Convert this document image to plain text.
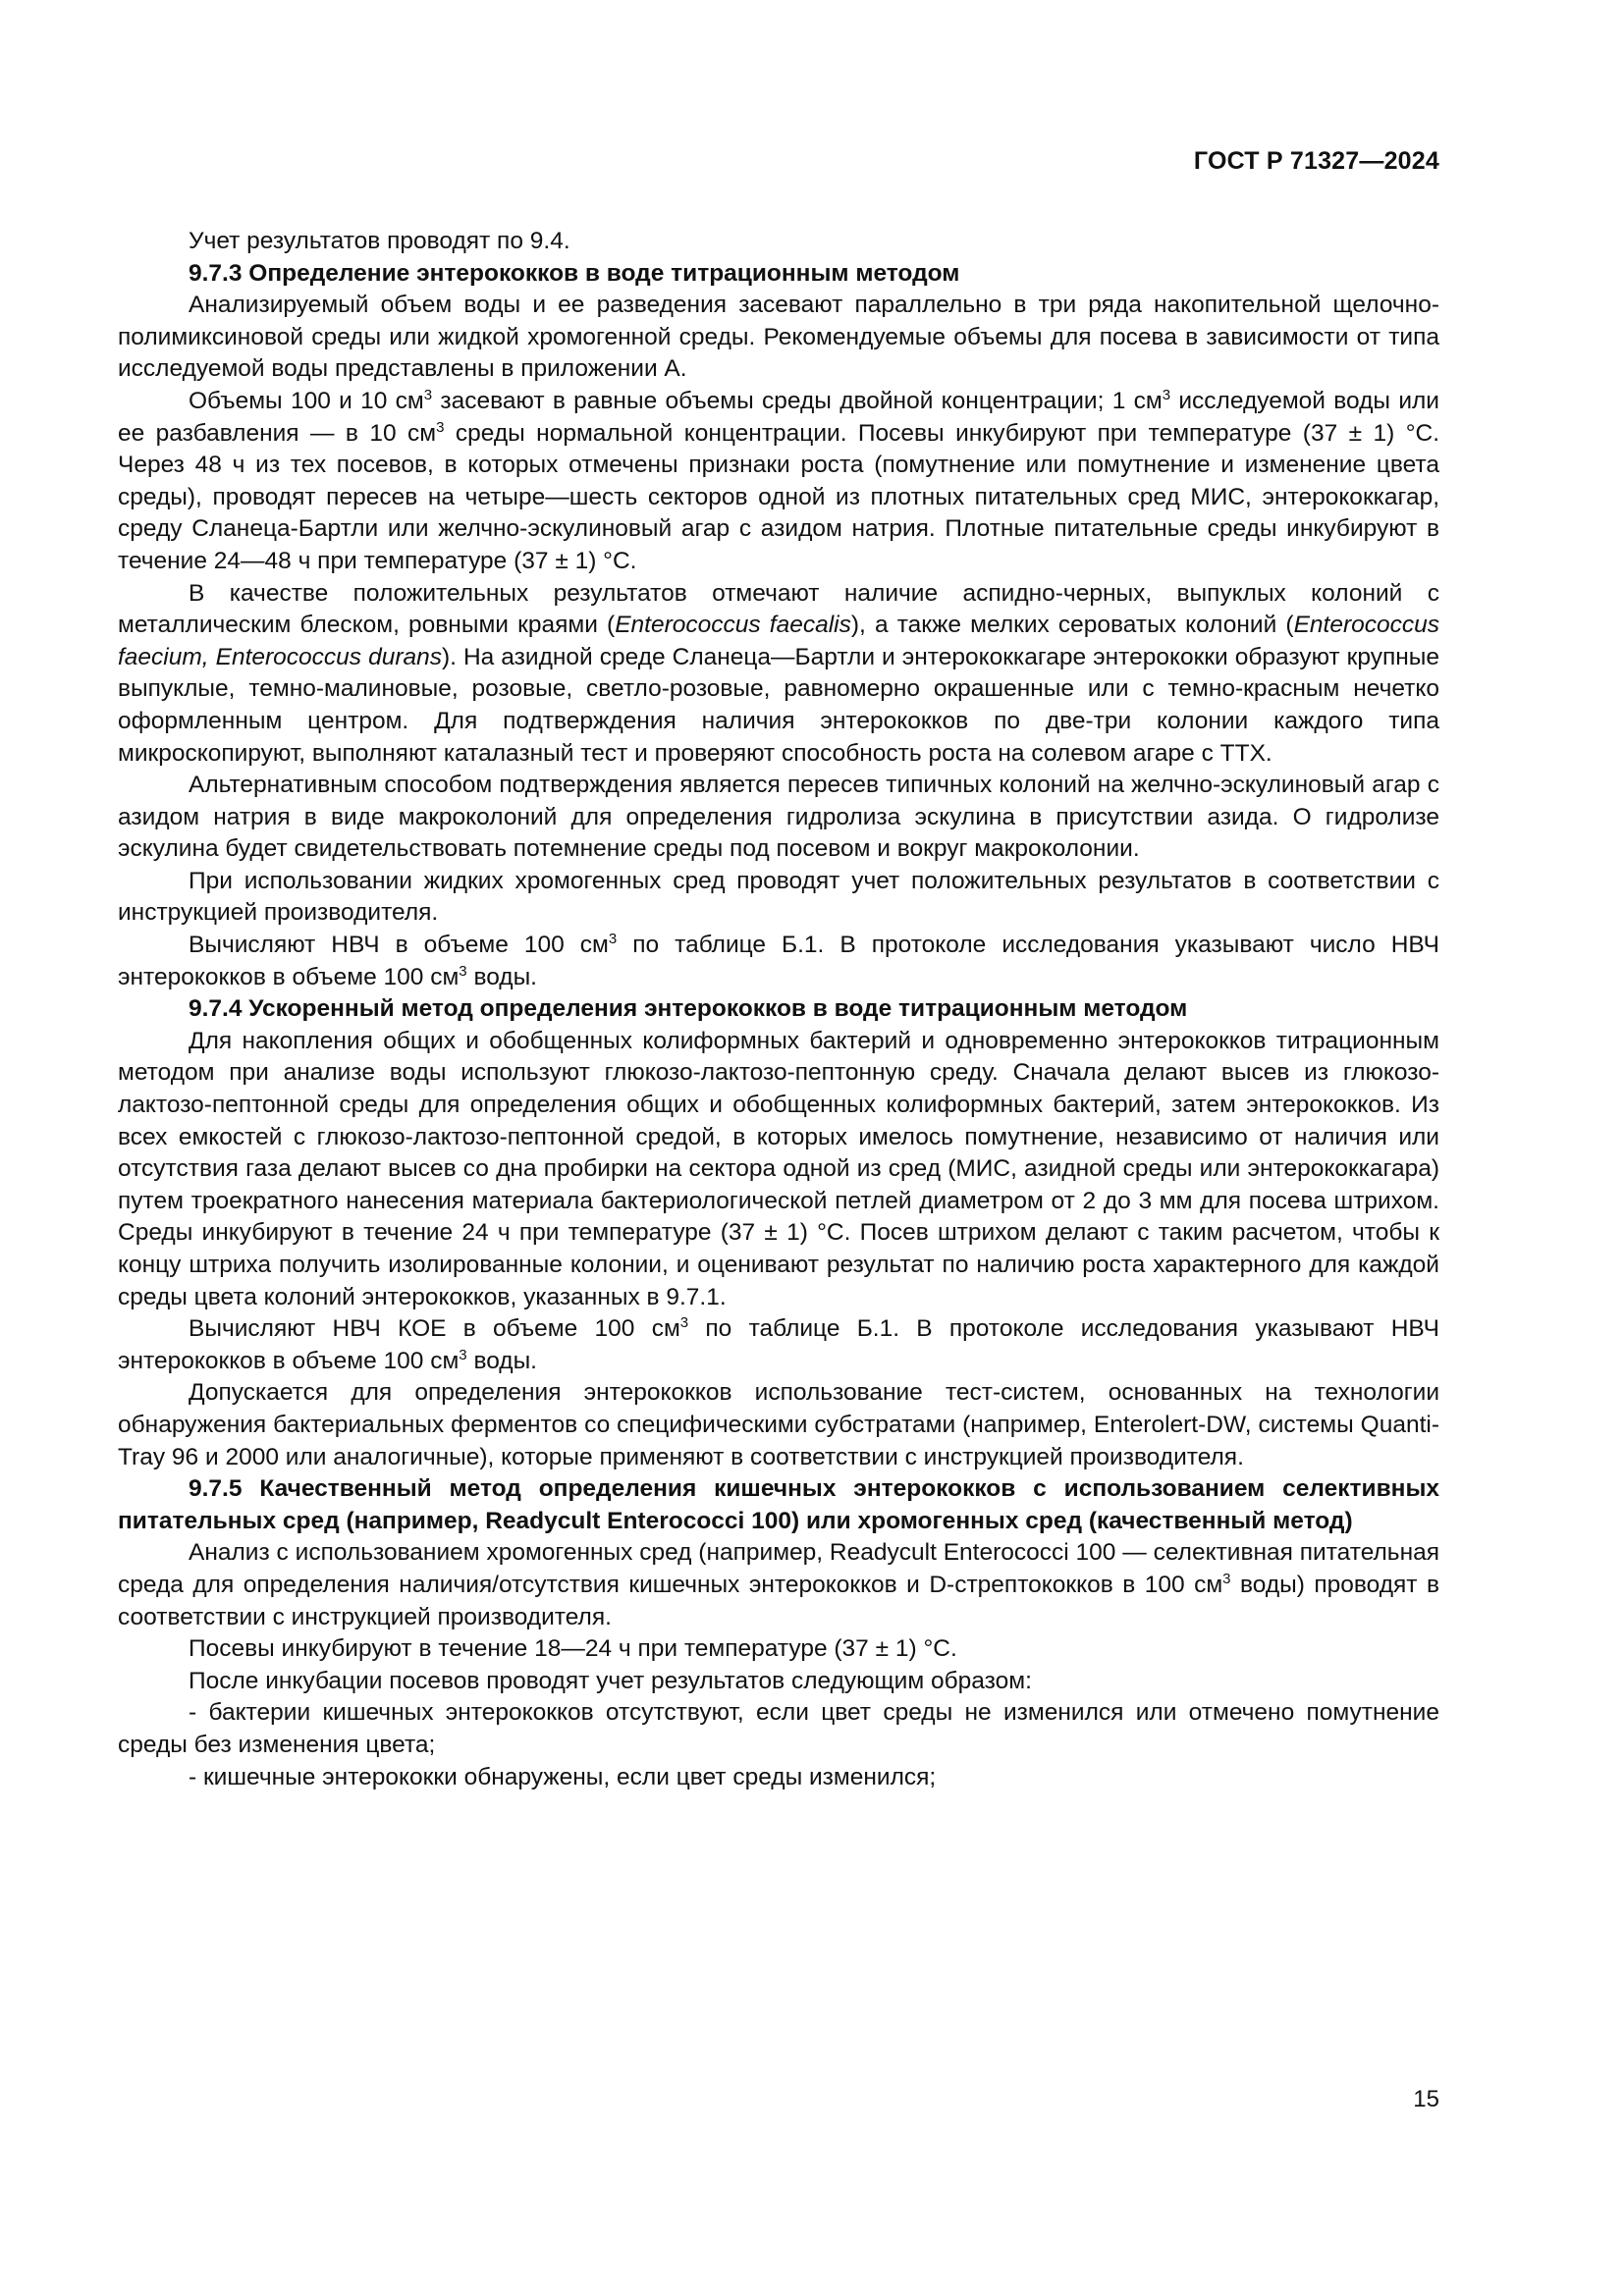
ГОСТ Р 71327—2024

Учет результатов проводят по 9.4.

9.7.3 Определение энтерококков в воде титрационным методом

Анализируемый объем воды и ее разведения засевают параллельно в три ряда накопительной щелочно-полимиксиновой среды или жидкой хромогенной среды. Рекомендуемые объемы для посева в зависимости от типа исследуемой воды представлены в приложении А.

Объемы 100 и 10 $см^3$ засевают в равные объемы среды двойной концентрации; 1 $см^3$ исследуемой воды или ее разбавления — в 10 $см^3$ среды нормальной концентрации. Посевы инкубируют при температуре (37 ± 1) °С. Через 48 ч из тех посевов, в которых отмечены признаки роста (помутнение или помутнение и изменение цвета среды), проводят пересев на четыре—шесть секторов одной из плотных питательных сред МИС, энтерококкагар, среду Сланеца-Бартли или желчно-эскулиновый агар с азидом натрия. Плотные питательные среды инкубируют в течение 24—48 ч при температуре (37 ± 1) °С.

В качестве положительных результатов отмечают наличие аспидно-черных, выпуклых колоний с металлическим блеском, ровными краями (Enterococcus faecalis), а также мелких сероватых колоний (Enterococcus faecium, Enterococcus durans). На азидной среде Сланеца—Бартли и энтерококкагаре энтерококки образуют крупные выпуклые, темно-малиновые, розовые, светло-розовые, равномерно окрашенные или с темно-красным нечетко оформленным центром. Для подтверждения наличия энтерококков по две-три колонии каждого типа микроскопируют, выполняют каталазный тест и проверяют способность роста на солевом агаре с ТТХ.

Альтернативным способом подтверждения является пересев типичных колоний на желчно-эскулиновый агар с азидом натрия в виде макроколоний для определения гидролиза эскулина в присутствии азида. О гидролизе эскулина будет свидетельствовать потемнение среды под посевом и вокруг макроколонии.

При использовании жидких хромогенных сред проводят учет положительных результатов в соответствии с инструкцией производителя.

Вычисляют НВЧ в объеме 100 $см^3$ по таблице Б.1. В протоколе исследования указывают число НВЧ энтерококков в объеме 100 $см^3$ воды.

9.7.4 Ускоренный метод определения энтерококков в воде титрационным методом

Для накопления общих и обобщенных колиформных бактерий и одновременно энтерококков титрационным методом при анализе воды используют глюкозо-лактозо-пептонную среду. Сначала делают высев из глюкозо-лактозо-пептонной среды для определения общих и обобщенных колиформных бактерий, затем энтерококков. Из всех емкостей с глюкозо-лактозо-пептонной средой, в которых имелось помутнение, независимо от наличия или отсутствия газа делают высев со дна пробирки на сектора одной из сред (МИС, азидной среды или энтерококкагара) путем троекратного нанесения материала бактериологической петлей диаметром от 2 до 3 мм для посева штрихом. Среды инкубируют в течение 24 ч при температуре (37 ± 1) °С. Посев штрихом делают с таким расчетом, чтобы к концу штриха получить изолированные колонии, и оценивают результат по наличию роста характерного для каждой среды цвета колоний энтерококков, указанных в 9.7.1.

Вычисляют НВЧ КОЕ в объеме 100 $см^3$ по таблице Б.1. В протоколе исследования указывают НВЧ энтерококков в объеме 100 $см^3$ воды.

Допускается для определения энтерококков использование тест-систем, основанных на технологии обнаружения бактериальных ферментов со специфическими субстратами (например, Enterolert-DW, системы Quanti-Tray 96 и 2000 или аналогичные), которые применяют в соответствии с инструкцией производителя.

9.7.5 Качественный метод определения кишечных энтерококков с использованием селективных питательных сред (например, Readycult Enterococci 100) или хромогенных сред (качественный метод)

Анализ с использованием хромогенных сред (например, Readycult Enterococci 100 — селективная питательная среда для определения наличия/отсутствия кишечных энтерококков и D-стрептококков в 100 $см^3$ воды) проводят в соответствии с инструкцией производителя.

Посевы инкубируют в течение 18—24 ч при температуре (37 ± 1) °С.

После инкубации посевов проводят учет результатов следующим образом:

- бактерии кишечных энтерококков отсутствуют, если цвет среды не изменился или отмечено помутнение среды без изменения цвета;

- кишечные энтерококки обнаружены, если цвет среды изменился;

15
